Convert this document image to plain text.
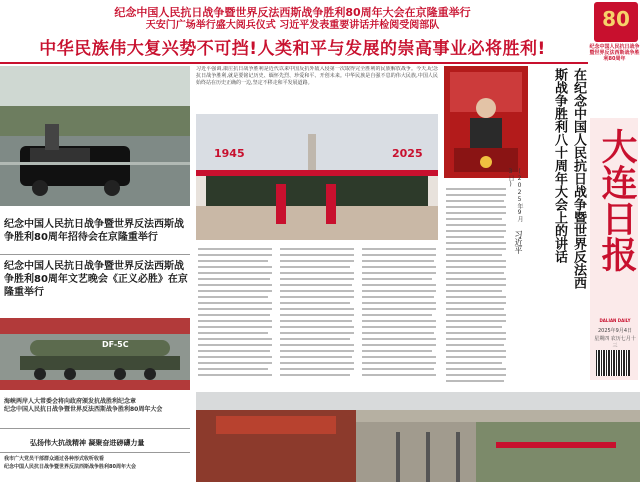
纪念中国人民抗日战争暨世界反法西斯战争胜利80周年大会在京隆重举行
天安门广场举行盛大阅兵仪式 习近平发表重要讲话并检阅受阅部队
中华民族伟大复兴势不可挡!人类和平与发展的崇高事业必将胜利!
80
纪念中国人民抗日战争暨世界反法西斯战争胜利80周年
大连日报
DALIAN DAILY
2025年9月4日
星期四 农历七月十三
纪念中国人民抗日战争暨世界反法西斯战争胜利80周年招待会在京隆重举行
纪念中国人民抗日战争暨世界反法西斯战争胜利80周年文艺晚会《正义必胜》在京隆重举行
DF-5C
海峡两岸人大常委会将向政府颁发抗战胜利纪念章
纪念中国人民抗日战争暨世界反法西斯战争胜利80周年大会
弘扬伟大抗战精神 凝聚奋进磅礴力量
我市广大党员干部群众通过各种形式收听收看
纪念中国人民抗日战争暨世界反法西斯战争胜利80周年大会
习近平强调,康庄抗日战争胜利是近代以来中国反抗外敌入侵第一次取得完全胜利的民族解放战争。今天,纪念抗日战争胜利,就是要铭记历史、缅怀先烈、珍爱和平、开创未来。中华民族是自强不息的伟大民族,中国人民始终站在历史正确的一边,坚定不移走和平发展道路。
1945	2025	在纪念中国人民抗日战争暨世界反法西斯战争胜利八十周年大会上的讲话
(2025年9月3日)
习近平
